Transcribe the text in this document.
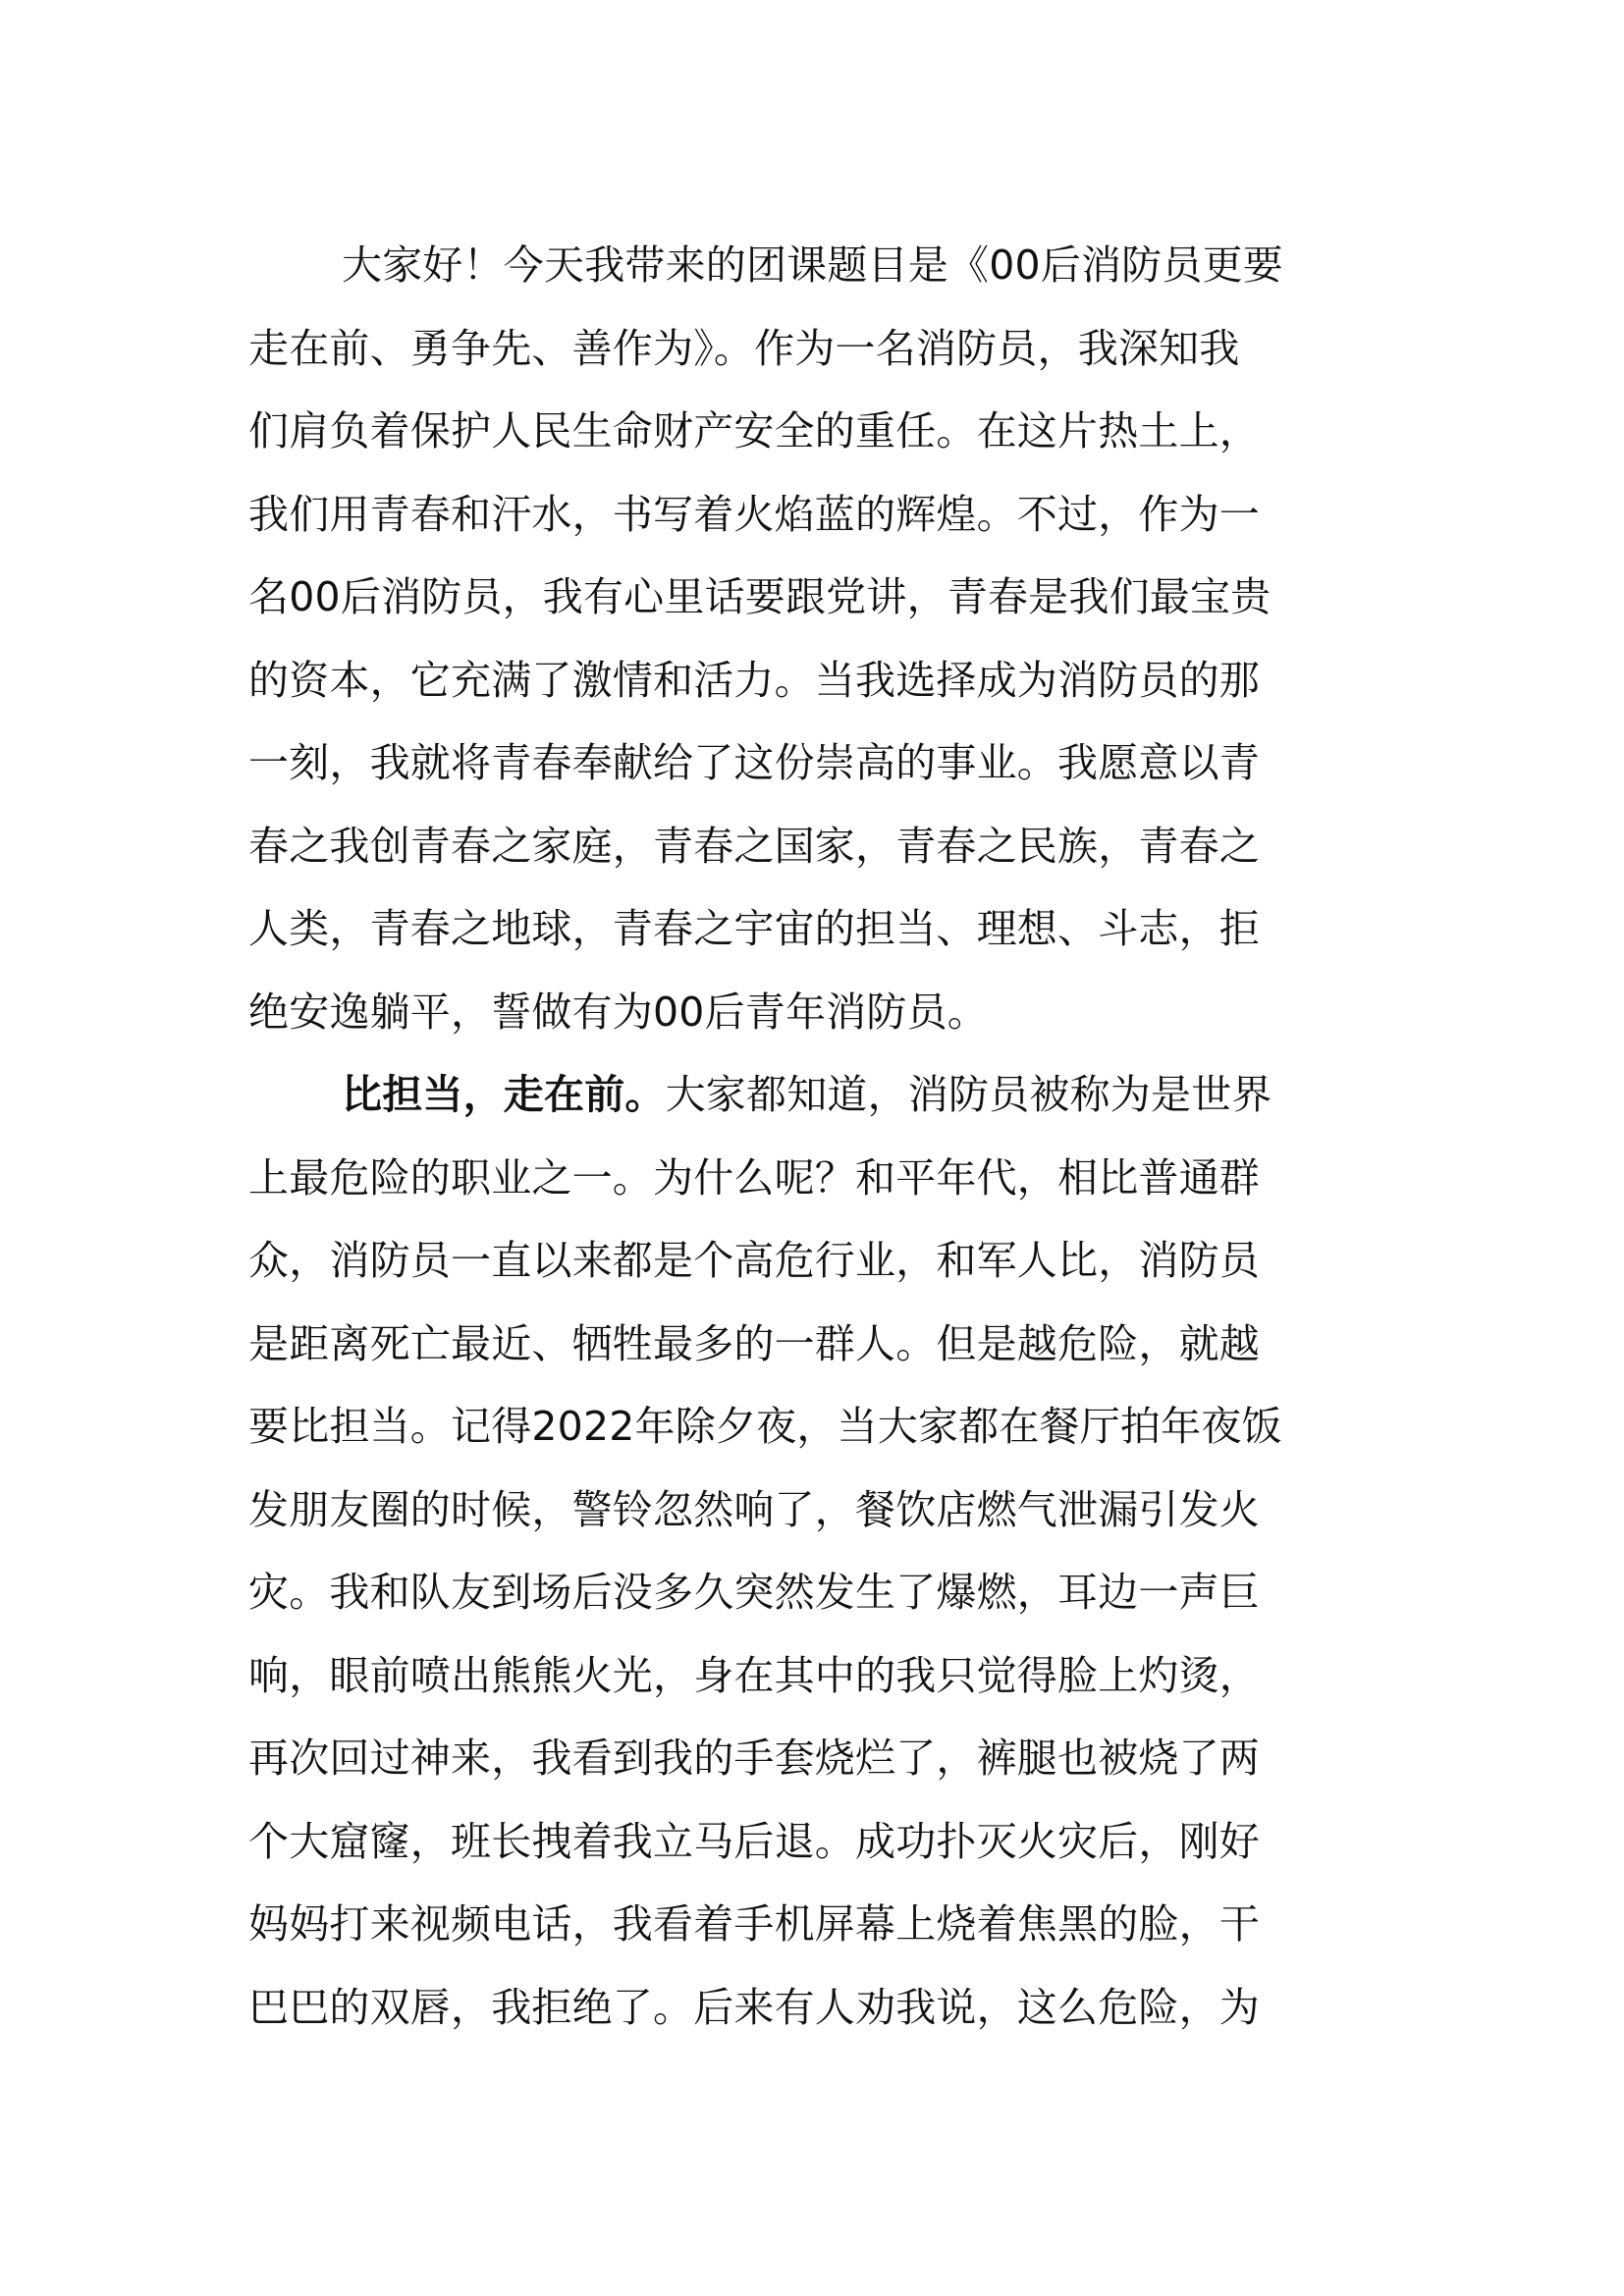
大家好！今天我带来的团课题目是《00后消防员更要
走在前、勇争先、善作为》。作为一名消防员，我深知我
们肩负着保护人民生命财产安全的重任。在这片热土上，
我们用青春和汗水，书写着火焰蓝的辉煌。不过，作为一
名00后消防员，我有心里话要跟党讲，青春是我们最宝贵
的资本，它充满了激情和活力。当我选择成为消防员的那
一刻，我就将青春奉献给了这份崇高的事业。我愿意以青
春之我创青春之家庭，青春之国家，青春之民族，青春之
人类，青春之地球，青春之宇宙的担当、理想、斗志，拒
绝安逸躺平，誓做有为00后青年消防员。
比担当，走在前。大家都知道，消防员被称为是世界
上最危险的职业之一。为什么呢？和平年代，相比普通群
众，消防员一直以来都是个高危行业，和军人比，消防员
是距离死亡最近、牺牲最多的一群人。但是越危险，就越
要比担当。记得2022年除夕夜，当大家都在餐厅拍年夜饭
发朋友圈的时候，警铃忽然响了，餐饮店燃气泄漏引发火
灾。我和队友到场后没多久突然发生了爆燃，耳边一声巨
响，眼前喷出熊熊火光，身在其中的我只觉得脸上灼烫，
再次回过神来，我看到我的手套烧烂了，裤腿也被烧了两
个大窟窿，班长拽着我立马后退。成功扑灭火灾后，刚好
妈妈打来视频电话，我看着手机屏幕上烧着焦黑的脸，干
巴巴的双唇，我拒绝了。后来有人劝我说，这么危险，为
